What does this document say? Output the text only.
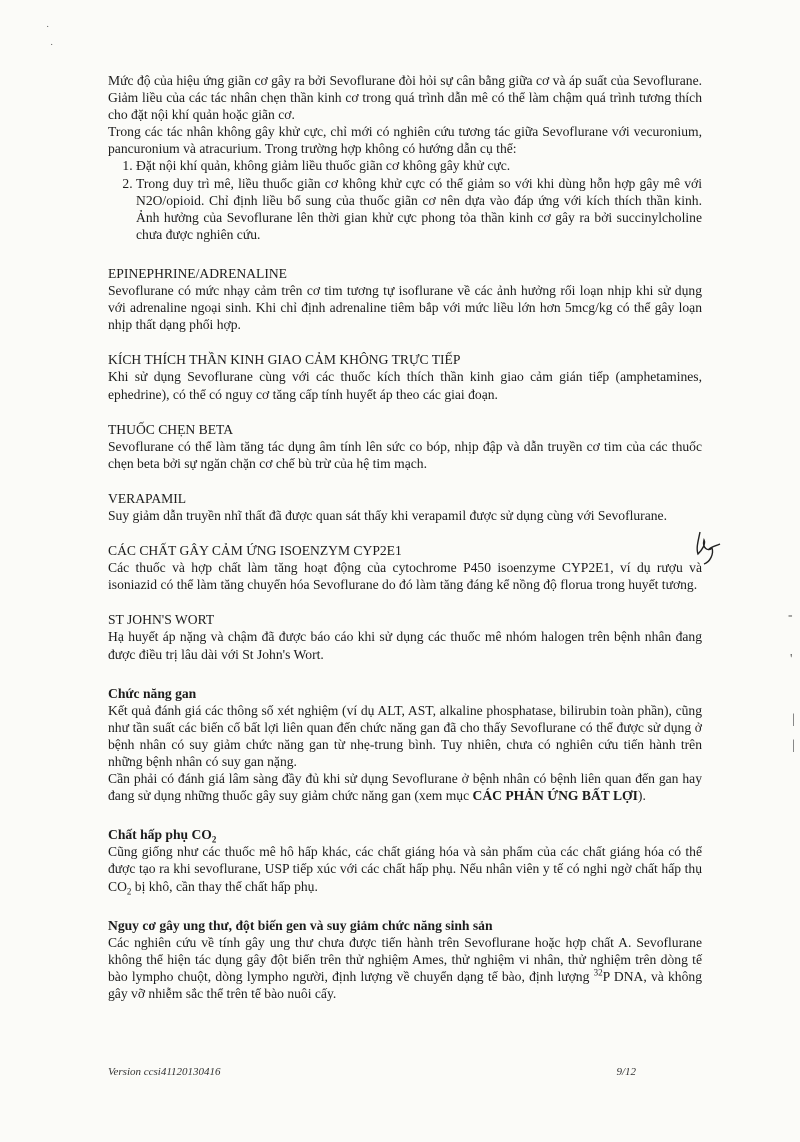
˙
˙

Mức độ của hiệu ứng giãn cơ gây ra bởi Sevoflurane đòi hỏi sự cân bằng giữa cơ và áp suất của Sevoflurane. Giảm liều của các tác nhân chẹn thần kinh cơ trong quá trình dẫn mê có thể làm chậm quá trình tương thích cho đặt nội khí quản hoặc giãn cơ.

Trong các tác nhân không gây khử cực, chỉ mới có nghiên cứu tương tác giữa Sevoflurane với vecuronium, pancuronium và atracurium. Trong trường hợp không có hướng dẫn cụ thể:

1. Đặt nội khí quản, không giảm liều thuốc giãn cơ không gây khử cực.
2. Trong duy trì mê, liều thuốc giãn cơ không khử cực có thể giảm so với khi dùng hỗn hợp gây mê với N2O/opioid. Chỉ định liều bổ sung của thuốc giãn cơ nên dựa vào đáp ứng với kích thích thần kinh. Ảnh hưởng của Sevoflurane lên thời gian khử cực phong tỏa thần kinh cơ gây ra bởi succinylcholine chưa được nghiên cứu.

EPINEPHRINE/ADRENALINE

Sevoflurane có mức nhạy cảm trên cơ tim tương tự isoflurane về các ảnh hưởng rối loạn nhịp khi sử dụng với adrenaline ngoại sinh. Khi chỉ định adrenaline tiêm bắp với mức liều lớn hơn 5mcg/kg có thể gây loạn nhịp thất dạng phối hợp.

KÍCH THÍCH THẦN KINH GIAO CẢM KHÔNG TRỰC TIẾP

Khi sử dụng Sevoflurane cùng với các thuốc kích thích thần kinh giao cảm gián tiếp (amphetamines, ephedrine), có thể có nguy cơ tăng cấp tính huyết áp theo các giai đoạn.

THUỐC CHẸN BETA

Sevoflurane có thể làm tăng tác dụng âm tính lên sức co bóp, nhịp đập và dẫn truyền cơ tim của các thuốc chẹn beta bởi sự ngăn chặn cơ chế bù trừ của hệ tim mạch.

VERAPAMIL

Suy giảm dẫn truyền nhĩ thất đã được quan sát thấy khi verapamil được sử dụng cùng với Sevoflurane.

CÁC CHẤT GÂY CẢM ỨNG ISOENZYM CYP2E1

Các thuốc và hợp chất làm tăng hoạt động của cytochrome P450 isoenzyme CYP2E1, ví dụ rượu và isoniazid có thể làm tăng chuyển hóa Sevoflurane do đó làm tăng đáng kể nồng độ florua trong huyết tương.

ST JOHN'S WORT

Hạ huyết áp nặng và chậm đã được báo cáo khi sử dụng các thuốc mê nhóm halogen trên bệnh nhân đang được điều trị lâu dài với St John's Wort.

Chức năng gan

Kết quả đánh giá các thông số xét nghiệm (ví dụ ALT, AST, alkaline phosphatase, bilirubin toàn phần), cũng như tần suất các biến cố bất lợi liên quan đến chức năng gan đã cho thấy Sevoflurane có thể được sử dụng ở bệnh nhân có suy giảm chức năng gan từ nhẹ-trung bình. Tuy nhiên, chưa có nghiên cứu tiến hành trên những bệnh nhân có suy gan nặng.

Cần phải có đánh giá lâm sàng đầy đủ khi sử dụng Sevoflurane ở bệnh nhân có bệnh liên quan đến gan hay đang sử dụng những thuốc gây suy giảm chức năng gan (xem mục CÁC PHẢN ỨNG BẤT LỢI).

Chất hấp phụ $CO_2$

Cũng giống như các thuốc mê hô hấp khác, các chất giáng hóa và sản phẩm của các chất giáng hóa có thể được tạo ra khi sevoflurane, USP tiếp xúc với các chất hấp phụ. Nếu nhân viên y tế có nghi ngờ chất hấp thụ $CO_2$ bị khô, cần thay thế chất hấp phụ.

Nguy cơ gây ung thư, đột biến gen và suy giảm chức năng sinh sản

Các nghiên cứu về tính gây ung thư chưa được tiến hành trên Sevoflurane hoặc hợp chất A. Sevoflurane không thể hiện tác dụng gây đột biến trên thử nghiệm Ames, thử nghiệm vi nhân, thử nghiệm trên dòng tế bào lympho chuột, dòng lympho người, định lượng về chuyển dạng tế bào, định lượng $^{32}$P DNA, và không gây vỡ nhiễm sắc thể trên tế bào nuôi cấy.

-
'
|
|
Version ccsi41120130416	9/12
